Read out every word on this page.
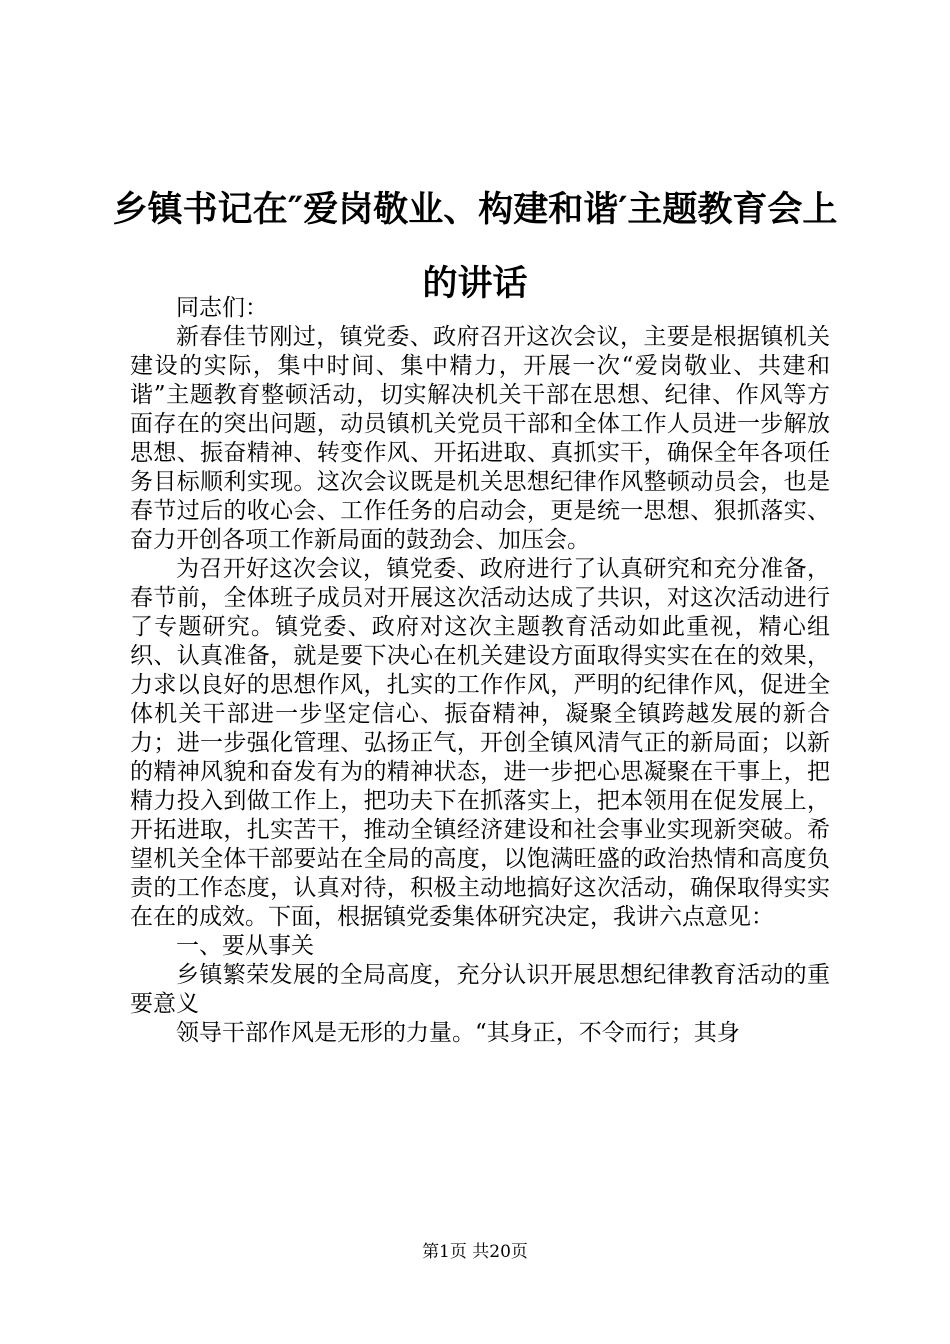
乡镇书记在″爱岗敬业、构建和谐′主题教育会上的讲话

同志们：

新春佳节刚过，镇党委、政府召开这次会议，主要是根据镇机关建设的实际，集中时间、集中精力，开展一次“爱岗敬业、共建和谐”主题教育整顿活动，切实解决机关干部在思想、纪律、作风等方面存在的突出问题，动员镇机关党员干部和全体工作人员进一步解放思想、振奋精神、转变作风、开拓进取、真抓实干，确保全年各项任务目标顺利实现。这次会议既是机关思想纪律作风整顿动员会，也是春节过后的收心会、工作任务的启动会，更是统一思想、狠抓落实、奋力开创各项工作新局面的鼓劲会、加压会。

为召开好这次会议，镇党委、政府进行了认真研究和充分准备，春节前，全体班子成员对开展这次活动达成了共识，对这次活动进行了专题研究。镇党委、政府对这次主题教育活动如此重视，精心组织、认真准备，就是要下决心在机关建设方面取得实实在在的效果，力求以良好的思想作风，扎实的工作作风，严明的纪律作风，促进全体机关干部进一步坚定信心、振奋精神，凝聚全镇跨越发展的新合力；进一步强化管理、弘扬正气，开创全镇风清气正的新局面；以新的精神风貌和奋发有为的精神状态，进一步把心思凝聚在干事上，把精力投入到做工作上，把功夫下在抓落实上，把本领用在促发展上，开拓进取，扎实苦干，推动全镇经济建设和社会事业实现新突破。希望机关全体干部要站在全局的高度，以饱满旺盛的政治热情和高度负责的工作态度，认真对待，积极主动地搞好这次活动，确保取得实实在在的成效。下面，根据镇党委集体研究决定，我讲六点意见：

一、要从事关

乡镇繁荣发展的全局高度，充分认识开展思想纪律教育活动的重要意义

领导干部作风是无形的力量。“其身正，不令而行；其身

第1页 共20页
